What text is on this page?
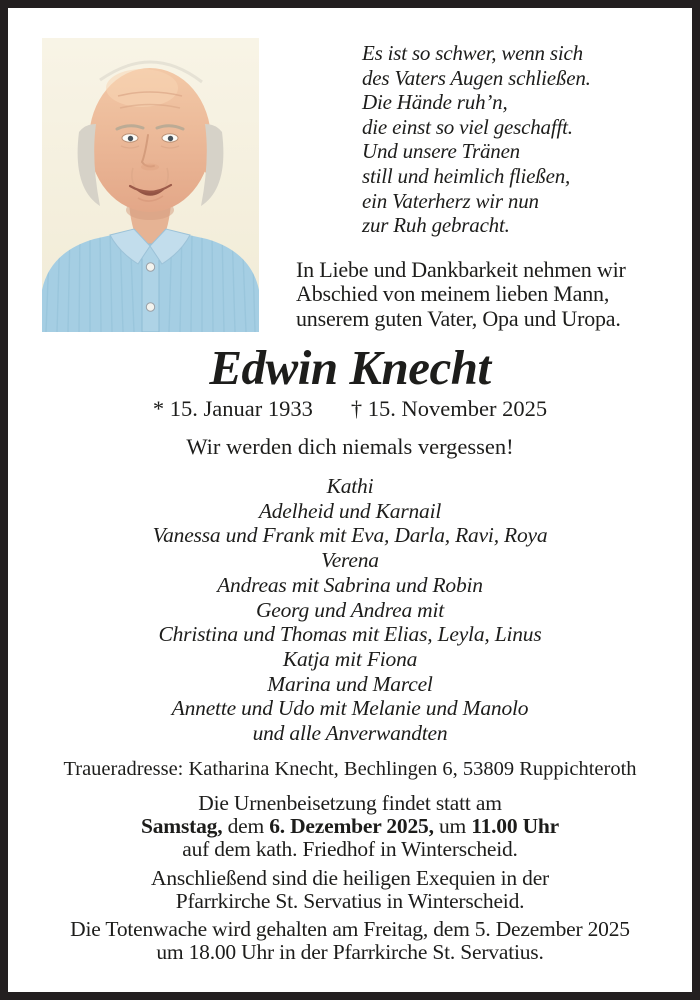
Es ist so schwer, wenn sich
des Vaters Augen schließen.
Die Hände ruh’n,
die einst so viel geschafft.
Und unsere Tränen
still und heimlich fließen,
ein Vaterherz wir nun
zur Ruh gebracht.
In Liebe und Dankbarkeit nehmen wir
Abschied von meinem lieben Mann,
unserem guten Vater, Opa und Uropa.
Edwin Knecht
* 15. Januar 1933 † 15. November 2025
Wir werden dich niemals vergessen!
Kathi
Adelheid und Karnail
Vanessa und Frank mit Eva, Darla, Ravi, Roya
Verena
Andreas mit Sabrina und Robin
Georg und Andrea mit
Christina und Thomas mit Elias, Leyla, Linus
Katja mit Fiona
Marina und Marcel
Annette und Udo mit Melanie und Manolo
und alle Anverwandten
Traueradresse: Katharina Knecht, Bechlingen 6, 53809 Ruppichteroth
Die Urnenbeisetzung findet statt am
Samstag, dem 6. Dezember 2025, um 11.00 Uhr
auf dem kath. Friedhof in Winterscheid.
Anschließend sind die heiligen Exequien in der
Pfarrkirche St. Servatius in Winterscheid.
Die Totenwache wird gehalten am Freitag, dem 5. Dezember 2025
um 18.00 Uhr in der Pfarrkirche St. Servatius.
